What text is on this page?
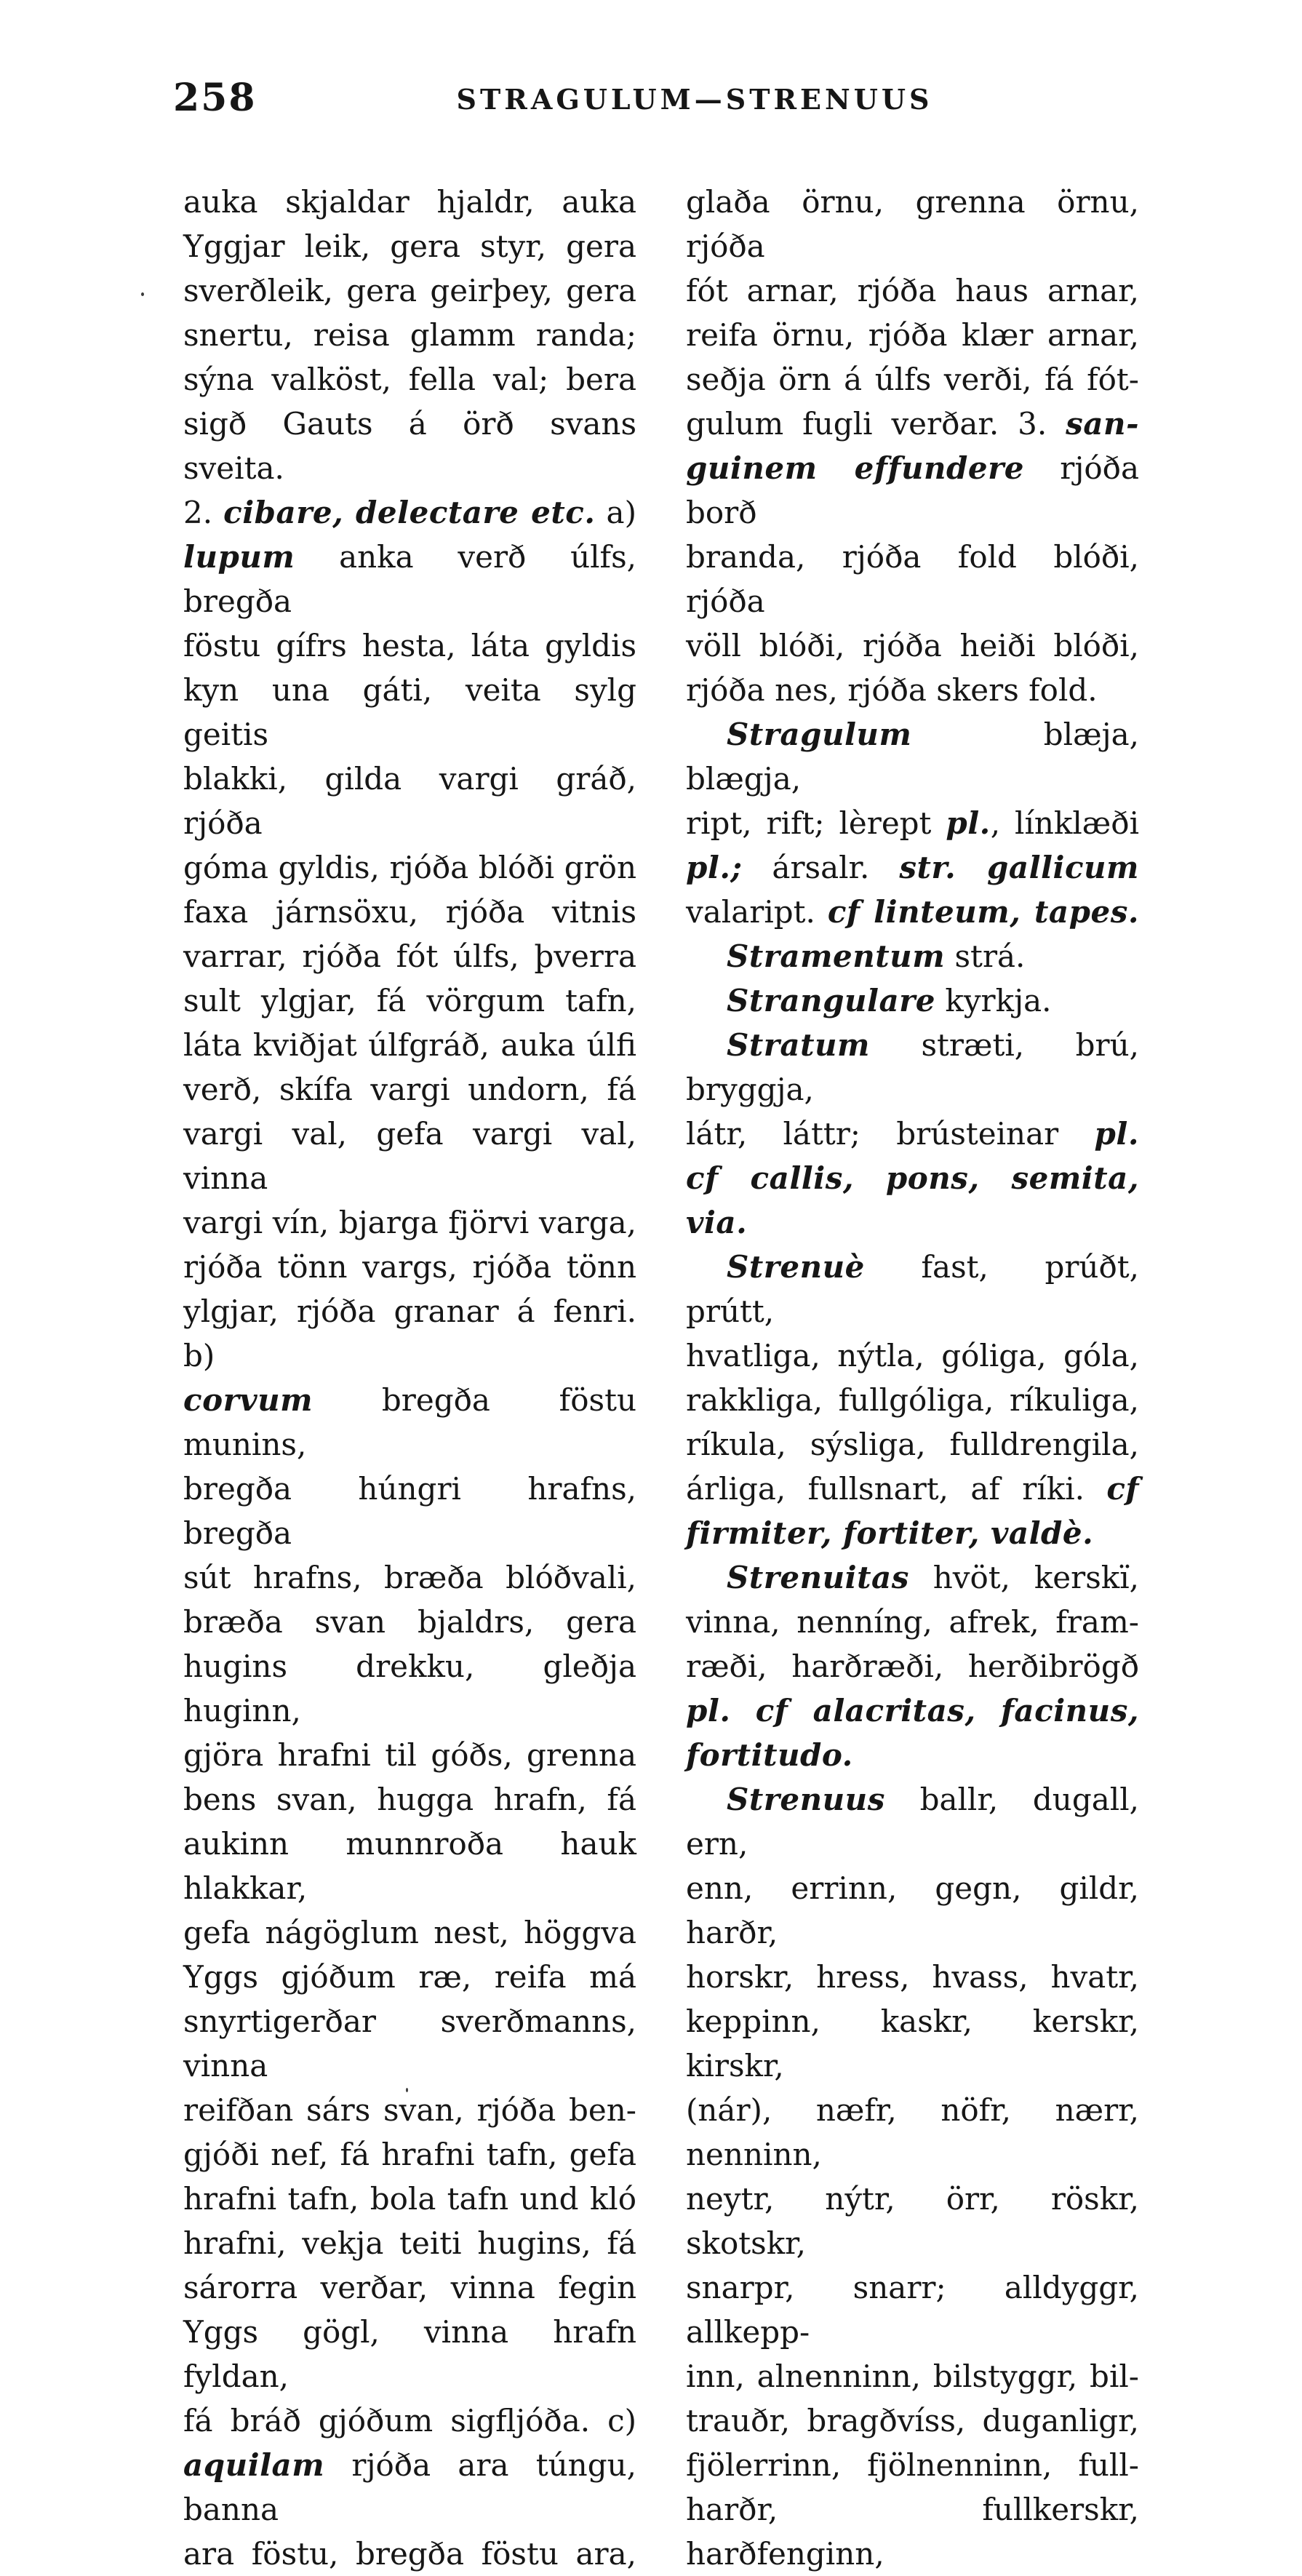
258	STRAGULUM—STRENUUS
auka skjaldar hjaldr, auka
Yggjar leik, gera styr, gera
sverðleik, gera geirþey, gera
snertu, reisa glamm randa;
sýna valköst, fella val; bera
sigð Gauts á örð svans sveita.
2. cibare, delectare etc. a)
lupum anka verð úlfs, bregða
föstu gífrs hesta, láta gyldis
kyn una gáti, veita sylg geitis
blakki, gilda vargi gráð, rjóða
góma gyldis, rjóða blóði grön
faxa járnsöxu, rjóða vitnis
varrar, rjóða fót úlfs, þverra
sult ylgjar, fá vörgum tafn,
láta kviðjat úlfgráð, auka úlfi
verð, skífa vargi undorn, fá
vargi val, gefa vargi val, vinna
vargi vín, bjarga fjörvi varga,
rjóða tönn vargs, rjóða tönn
ylgjar, rjóða granar á fenri. b)
corvum bregða föstu munins,
bregða húngri hrafns, bregða
sút hrafns, bræða blóðvali,
bræða svan bjaldrs, gera
hugins drekku, gleðja huginn,
gjöra hrafni til góðs, grenna
bens svan, hugga hrafn, fá
aukinn munnroða hauk hlakkar,
gefa nágöglum nest, höggva
Yggs gjóðum ræ, reifa má
snyrtigerðar sverðmanns, vinna
reifðan sárs svan, rjóða ben-
gjóði nef, fá hrafni tafn, gefa
hrafni tafn, bola tafn und kló
hrafni, vekja teiti hugins, fá
sárorra verðar, vinna fegin
Yggs gögl, vinna hrafn fyldan,
fá bráð gjóðum sigfljóða. c)
aquilam rjóða ara túngu, banna
ara föstu, bregða föstu ara,
glaða örnu, grenna örnu, rjóða
fót arnar, rjóða haus arnar,
reifa örnu, rjóða klær arnar,
seðja örn á úlfs verði, fá fót-
gulum fugli verðar. 3. san-
guinem effundere rjóða borð
branda, rjóða fold blóði, rjóða
völl blóði, rjóða heiði blóði,
rjóða nes, rjóða skers fold.
Stragulum blæja, blægja,
ript, rift; lèrept pl., línklæði
pl.; ársalr. str. gallicum
valaript. cf linteum, tapes.
Stramentum strá.
Strangulare kyrkja.
Stratum stræti, brú, bryggja,
látr, láttr; brústeinar pl.
cf callis, pons, semita,
via.
Strenuè fast, prúðt, prútt,
hvatliga, nýtla, góliga, góla,
rakkliga, fullgóliga, ríkuliga,
ríkula, sýsliga, fulldrengila,
árliga, fullsnart, af ríki. cf
firmiter, fortiter, valdè.
Strenuitas hvöt, kerskï,
vinna, nenníng, afrek, fram-
ræði, harðræði, herðibrögð
pl. cf alacritas, facinus,
fortitudo.
Strenuus ballr, dugall, ern,
enn, errinn, gegn, gildr, harðr,
horskr, hress, hvass, hvatr,
keppinn, kaskr, kerskr, kirskr,
(nár), næfr, nöfr, nærr, nenninn,
neytr, nýtr, örr, röskr, skotskr,
snarpr, snarr; alldyggr, allkepp-
inn, alnenninn, bilstyggr, bil-
trauðr, bragðvíss, duganligr,
fjölerrinn, fjölnenninn, full-
harðr, fullkerskr, harðfenginn,
